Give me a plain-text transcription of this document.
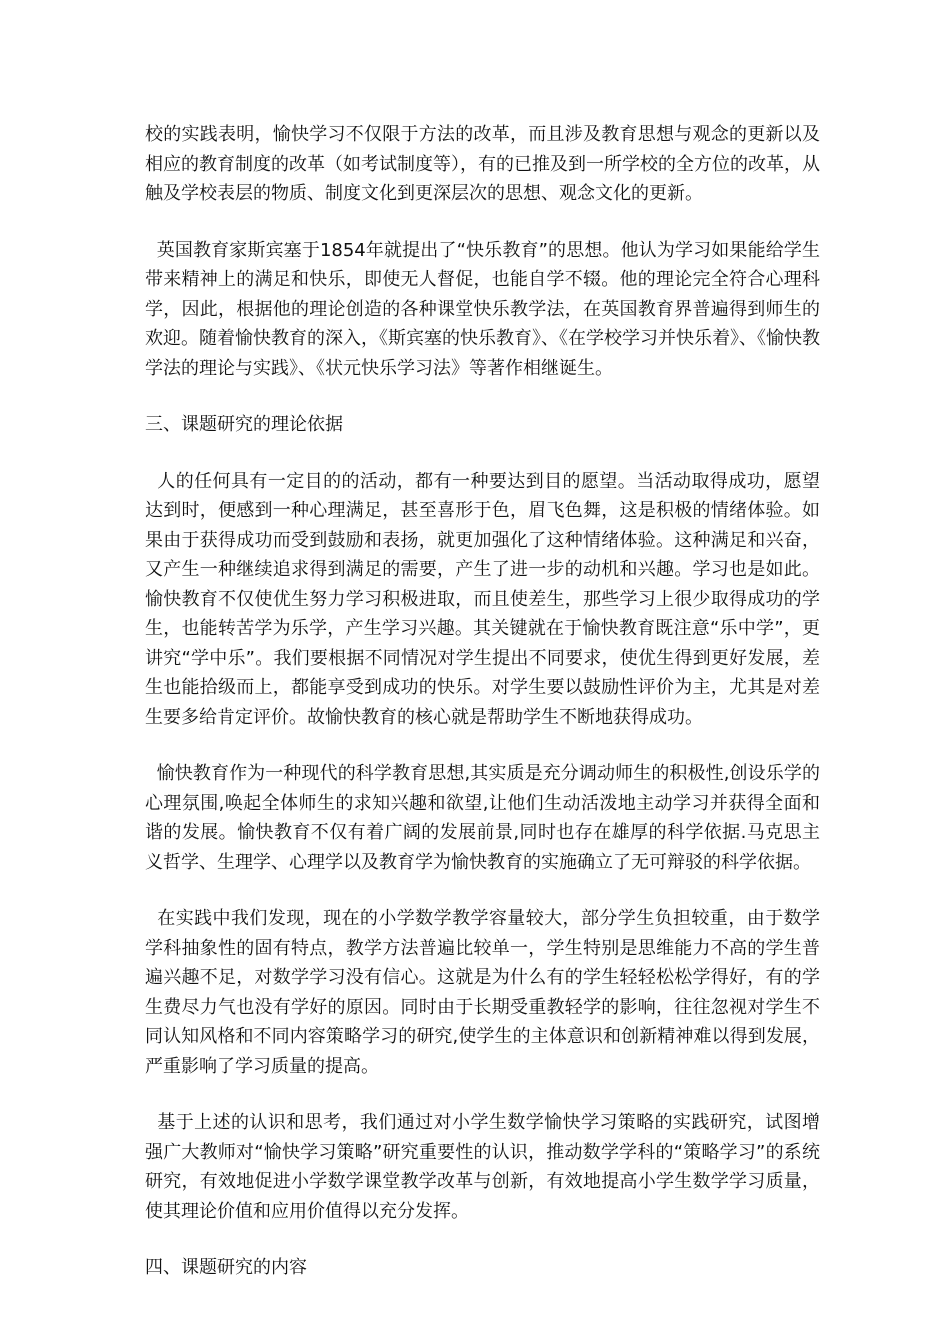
校的实践表明，愉快学习不仅限于方法的改革，而且涉及教育思想与观念的更新以及相应的教育制度的改革（如考试制度等），有的已推及到一所学校的全方位的改革，从触及学校表层的物质、制度文化到更深层次的思想、观念文化的更新。

英国教育家斯宾塞于1854年就提出了“快乐教育”的思想。他认为学习如果能给学生带来精神上的满足和快乐，即使无人督促，也能自学不辍。他的理论完全符合心理科学，因此，根据他的理论创造的各种课堂快乐教学法，在英国教育界普遍得到师生的欢迎。随着愉快教育的深入，《斯宾塞的快乐教育》、《在学校学习并快乐着》、《愉快教学法的理论与实践》、《状元快乐学习法》等著作相继诞生。

三、课题研究的理论依据

人的任何具有一定目的的活动，都有一种要达到目的愿望。当活动取得成功，愿望达到时，便感到一种心理满足，甚至喜形于色，眉飞色舞，这是积极的情绪体验。如果由于获得成功而受到鼓励和表扬，就更加强化了这种情绪体验。这种满足和兴奋，又产生一种继续追求得到满足的需要，产生了进一步的动机和兴趣。学习也是如此。愉快教育不仅使优生努力学习积极进取，而且使差生，那些学习上很少取得成功的学生，也能转苦学为乐学，产生学习兴趣。其关键就在于愉快教育既注意“乐中学”，更讲究“学中乐”。我们要根据不同情况对学生提出不同要求，使优生得到更好发展，差生也能拾级而上，都能享受到成功的快乐。对学生要以鼓励性评价为主，尤其是对差生要多给肯定评价。故愉快教育的核心就是帮助学生不断地获得成功。

愉快教育作为一种现代的科学教育思想,其实质是充分调动师生的积极性,创设乐学的心理氛围,唤起全体师生的求知兴趣和欲望,让他们生动活泼地主动学习并获得全面和谐的发展。愉快教育不仅有着广阔的发展前景,同时也存在雄厚的科学依据.马克思主义哲学、生理学、心理学以及教育学为愉快教育的实施确立了无可辩驳的科学依据。

在实践中我们发现，现在的小学数学教学容量较大，部分学生负担较重，由于数学学科抽象性的固有特点，教学方法普遍比较单一，学生特别是思维能力不高的学生普遍兴趣不足，对数学学习没有信心。这就是为什么有的学生轻轻松松学得好，有的学生费尽力气也没有学好的原因。同时由于长期受重教轻学的影响，往往忽视对学生不同认知风格和不同内容策略学习的研究,使学生的主体意识和创新精神难以得到发展，严重影响了学习质量的提高。

基于上述的认识和思考，我们通过对小学生数学愉快学习策略的实践研究，试图增强广大教师对“愉快学习策略”研究重要性的认识，推动数学学科的“策略学习”的系统研究，有效地促进小学数学课堂教学改革与创新，有效地提高小学生数学学习质量，使其理论价值和应用价值得以充分发挥。

四、课题研究的内容
